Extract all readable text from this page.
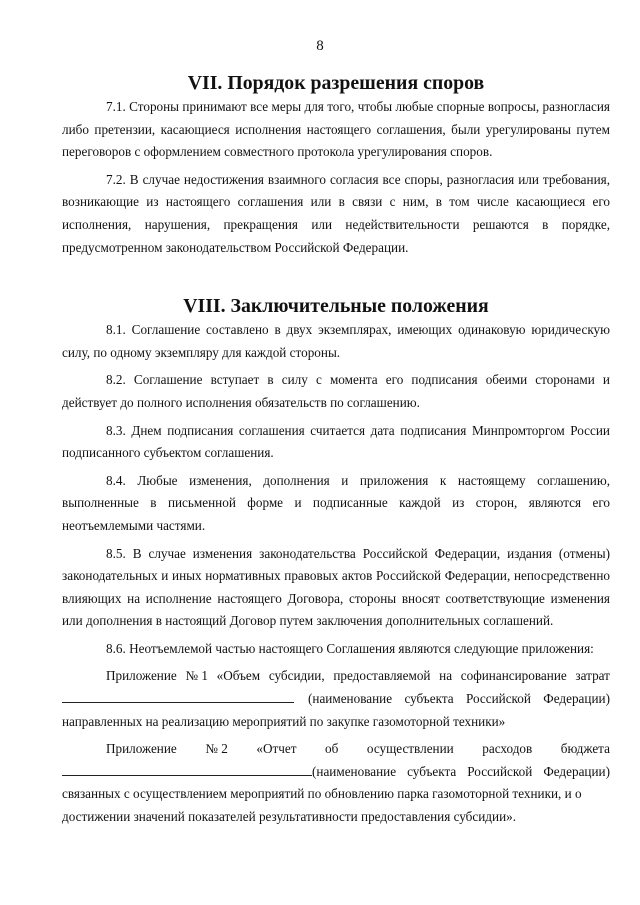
8
VII. Порядок разрешения споров

7.1. Стороны принимают все меры для того, чтобы любые спорные вопросы, разногласия либо претензии, касающиеся исполнения настоящего соглашения, были урегулированы путем переговоров с оформлением совместного протокола урегулирования споров.

7.2. В случае недостижения взаимного согласия все споры, разногласия или требования, возникающие из настоящего соглашения или в связи с ним, в том числе касающиеся его исполнения, нарушения, прекращения или недействительности решаются в порядке, предусмотренном законодательством Российской Федерации.

VIII. Заключительные положения

8.1. Соглашение составлено в двух экземплярах, имеющих одинаковую юридическую силу, по одному экземпляру для каждой стороны.

8.2. Соглашение вступает в силу с момента его подписания обеими сторонами и действует до полного исполнения обязательств по соглашению.

8.3. Днем подписания соглашения считается дата подписания Минпромторгом России подписанного субъектом соглашения.

8.4. Любые изменения, дополнения и приложения к настоящему соглашению, выполненные в письменной форме и подписанные каждой из сторон, являются его неотъемлемыми частями.

8.5. В случае изменения законодательства Российской Федерации, издания (отмены) законодательных и иных нормативных правовых актов Российской Федерации, непосредственно влияющих на исполнение настоящего Договора, стороны вносят соответствующие изменения или дополнения в настоящий Договор путем заключения дополнительных соглашений.

8.6. Неотъемлемой частью настоящего Соглашения являются следующие приложения:

Приложение № 1 «Объем субсидии, предоставляемой на софинансирование затрат
(наименование субъекта Российской Федерации)
направленных на реализацию мероприятий по закупке газомоторной техники»
Приложение № 2 «Отчет об осуществлении расходов бюджета
(наименование субъекта Российской Федерации)
связанных с осуществлением мероприятий по обновлению парка газомоторной техники, и о
достижении значений показателей результативности предоставления субсидии».
